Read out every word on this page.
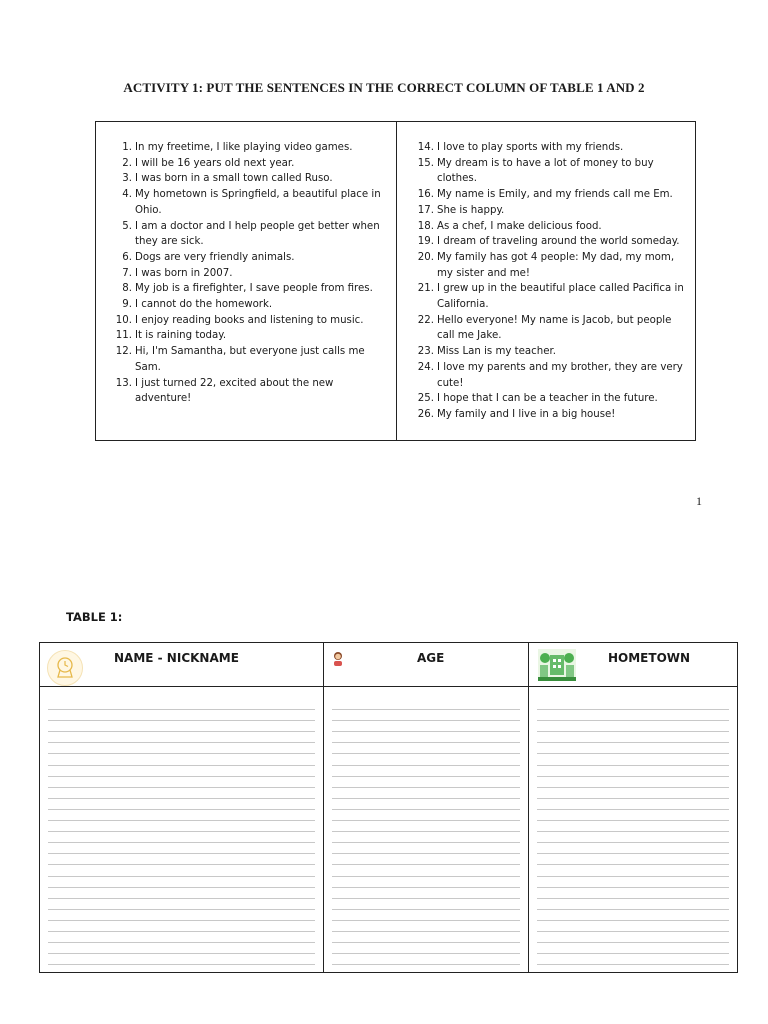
ACTIVITY 1: PUT THE SENTENCES IN THE CORRECT COLUMN OF TABLE 1 AND 2
1. In my freetime, I like playing video games.
2. I will be 16 years old next year.
3. I was born in a small town called Ruso.
4. My hometown is Springfield, a beautiful place in Ohio.
5. I am a doctor and I help people get better when they are sick.
6. Dogs are very friendly animals.
7. I was born in 2007.
8. My job is a firefighter, I save people from fires.
9. I cannot do the homework.
10. I enjoy reading books and listening to music.
11. It is raining today.
12. Hi, I'm Samantha, but everyone just calls me Sam.
13. I just turned 22, excited about the new adventure!
14. I love to play sports with my friends.
15. My dream is to have a lot of money to buy clothes.
16. My name is Emily, and my friends call me Em.
17. She is happy.
18. As a chef, I make delicious food.
19. I dream of traveling around the world someday.
20. My family has got 4 people: My dad, my mom, my sister and me!
21. I grew up in the beautiful place called Pacifica in California.
22. Hello everyone! My name is Jacob, but people call me Jake.
23. Miss Lan is my teacher.
24. I love my parents and my brother, they are very cute!
25. I hope that I can be a teacher in the future.
26. My family and I live in a big house!
1
TABLE 1:
NAME - NICKNAME	AGE	HOMETOWN
